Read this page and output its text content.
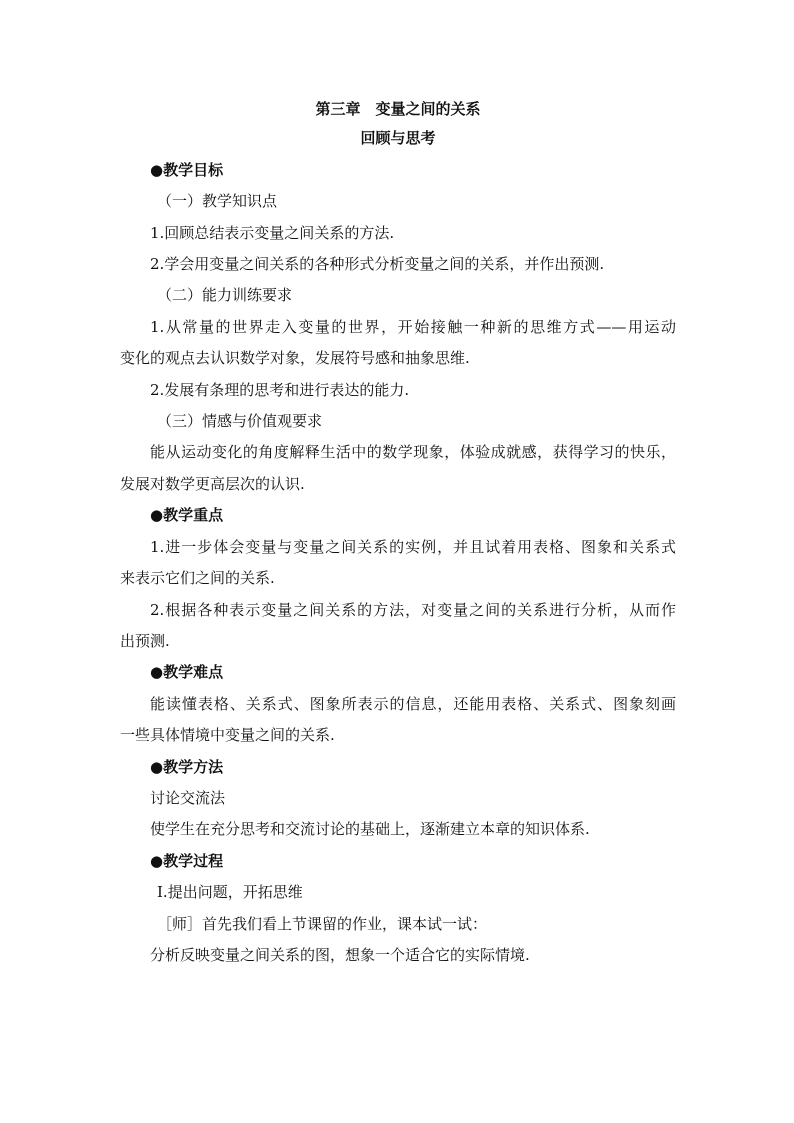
第三章　变量之间的关系
回顾与思考
●教学目标
（一）教学知识点
1.回顾总结表示变量之间关系的方法.
2.学会用变量之间关系的各种形式分析变量之间的关系，并作出预测.
（二）能力训练要求
1.从常量的世界走入变量的世界，开始接触一种新的思维方式——用运动
变化的观点去认识数学对象，发展符号感和抽象思维.
2.发展有条理的思考和进行表达的能力.
（三）情感与价值观要求
能从运动变化的角度解释生活中的数学现象，体验成就感，获得学习的快乐，
发展对数学更高层次的认识.
●教学重点
1.进一步体会变量与变量之间关系的实例，并且试着用表格、图象和关系式
来表示它们之间的关系.
2.根据各种表示变量之间关系的方法，对变量之间的关系进行分析，从而作
出预测.
●教学难点
能读懂表格、关系式、图象所表示的信息，还能用表格、关系式、图象刻画
一些具体情境中变量之间的关系.
●教学方法
讨论交流法
使学生在充分思考和交流讨论的基础上，逐渐建立本章的知识体系.
●教学过程
Ⅰ.提出问题，开拓思维
［师］首先我们看上节课留的作业，课本试一试：
分析反映变量之间关系的图，想象一个适合它的实际情境.
